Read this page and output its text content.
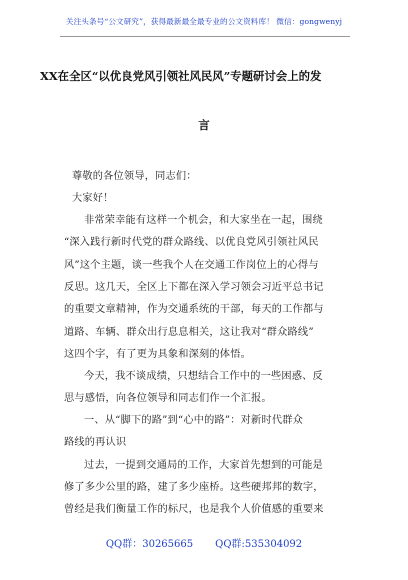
关注头条号“公文研究”，获得最新最全最专业的公文资料库！ 微信：gongwenyj
XX在全区“以优良党风引领社风民风”专题研讨会上的发
言
尊敬的各位领导，同志们：
大家好！
非常荣幸能有这样一个机会，和大家坐在一起，围绕
“深入践行新时代党的群众路线、以优良党风引领社风民
风”这个主题，谈一些我个人在交通工作岗位上的心得与
反思。这几天，全区上下都在深入学习领会习近平总书记
的重要文章精神，作为交通系统的干部，每天的工作都与
道路、车辆、群众出行息息相关，这让我对“群众路线”
这四个字，有了更为具象和深刻的体悟。
今天，我不谈成绩，只想结合工作中的一些困惑、反
思与感悟，向各位领导和同志们作一个汇报。
一、从“脚下的路”到“心中的路”：对新时代群众
路线的再认识
过去，一提到交通局的工作，大家首先想到的可能是
修了多少公里的路，建了多少座桥。这些硬邦邦的数字，
曾经是我们衡量工作的标尺，也是我个人价值感的重要来
QQ群：30265665 QQ群:535304092
